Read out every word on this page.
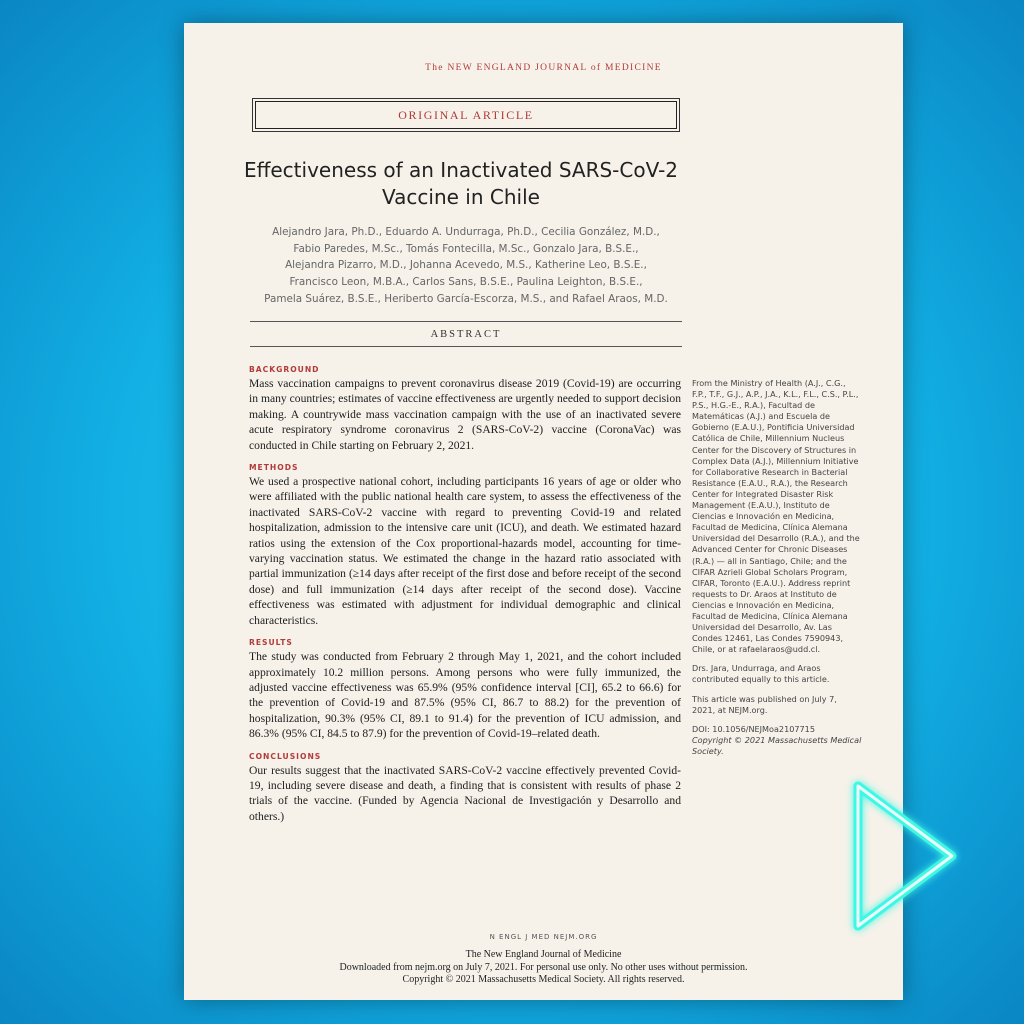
The NEW ENGLAND JOURNAL of MEDICINE
ORIGINAL ARTICLE
Effectiveness of an Inactivated SARS-CoV-2
Vaccine in Chile
Alejandro Jara, Ph.D., Eduardo A. Undurraga, Ph.D., Cecilia González, M.D.,
Fabio Paredes, M.Sc., Tomás Fontecilla, M.Sc., Gonzalo Jara, B.S.E.,
Alejandra Pizarro, M.D., Johanna Acevedo, M.S., Katherine Leo, B.S.E.,
Francisco Leon, M.B.A., Carlos Sans, B.S.E., Paulina Leighton, B.S.E.,
Pamela Suárez, B.S.E., Heriberto García-Escorza, M.S., and Rafael Araos, M.D.
ABSTRACT
BACKGROUND

Mass vaccination campaigns to prevent coronavirus disease 2019 (Covid-19) are occurring in many countries; estimates of vaccine effectiveness are urgently needed to support decision making. A countrywide mass vaccination campaign with the use of an inactivated severe acute respiratory syndrome coronavirus 2 (SARS-CoV-2) vaccine (CoronaVac) was conducted in Chile starting on February 2, 2021.

METHODS

We used a prospective national cohort, including participants 16 years of age or older who were affiliated with the public national health care system, to assess the effectiveness of the inactivated SARS-CoV-2 vaccine with regard to preventing Covid-19 and related hospitalization, admission to the intensive care unit (ICU), and death. We estimated hazard ratios using the extension of the Cox proportional-hazards model, accounting for time-varying vaccination status. We estimated the change in the hazard ratio associated with partial immunization (≥14 days after receipt of the first dose and before receipt of the second dose) and full immunization (≥14 days after receipt of the second dose). Vaccine effectiveness was estimated with adjustment for individual demographic and clinical characteristics.

RESULTS

The study was conducted from February 2 through May 1, 2021, and the cohort included approximately 10.2 million persons. Among persons who were fully immunized, the adjusted vaccine effectiveness was 65.9% (95% confidence interval [CI], 65.2 to 66.6) for the prevention of Covid-19 and 87.5% (95% CI, 86.7 to 88.2) for the prevention of hospitalization, 90.3% (95% CI, 89.1 to 91.4) for the prevention of ICU admission, and 86.3% (95% CI, 84.5 to 87.9) for the prevention of Covid-19–related death.

CONCLUSIONS

Our results suggest that the inactivated SARS-CoV-2 vaccine effectively prevented Covid-19, including severe disease and death, a finding that is consistent with results of phase 2 trials of the vaccine. (Funded by Agencia Nacional de Investigación y Desarrollo and others.)

From the Ministry of Health (A.J., C.G., F.P., T.F., G.J., A.P., J.A., K.L., F.L., C.S., P.L., P.S., H.G.-E., R.A.), Facultad de Matemáticas (A.J.) and Escuela de Gobierno (E.A.U.), Pontificia Universidad Católica de Chile, Millennium Nucleus Center for the Discovery of Structures in Complex Data (A.J.), Millennium Initiative for Collaborative Research in Bacterial Resistance (E.A.U., R.A.), the Research Center for Integrated Disaster Risk Management (E.A.U.), Instituto de Ciencias e Innovación en Medicina, Facultad de Medicina, Clínica Alemana Universidad del Desarrollo (R.A.), and the Advanced Center for Chronic Diseases (R.A.) — all in Santiago, Chile; and the CIFAR Azrieli Global Scholars Program, CIFAR, Toronto (E.A.U.). Address reprint requests to Dr. Araos at Instituto de Ciencias e Innovación en Medicina, Facultad de Medicina, Clínica Alemana Universidad del Desarrollo, Av. Las Condes 12461, Las Condes 7590943, Chile, or at rafaelaraos@udd.cl.

Drs. Jara, Undurraga, and Araos contributed equally to this article.

This article was published on July 7, 2021, at NEJM.org.

DOI: 10.1056/NEJMoa2107715
Copyright © 2021 Massachusetts Medical Society.
N ENGL J MED NEJM.ORG
The New England Journal of Medicine
Downloaded from nejm.org on July 7, 2021. For personal use only. No other uses without permission.
Copyright © 2021 Massachusetts Medical Society. All rights reserved.
